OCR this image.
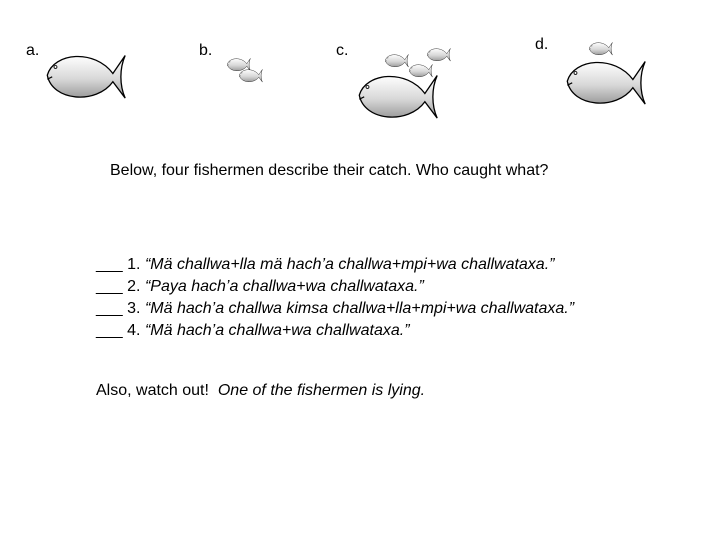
a.	b.	c.	d.
Below, four fishermen describe their catch. Who caught what?
___ 1. “Mä challwa+lla mä hach’a challwa+mpi+wa challwataxa.”
___ 2. “Paya hach’a challwa+wa challwataxa.”
___ 3. “Mä hach’a challwa kimsa challwa+lla+mpi+wa challwataxa.”
___ 4. “Mä hach’a challwa+wa challwataxa.”
Also, watch out!  One of the fishermen is lying.
